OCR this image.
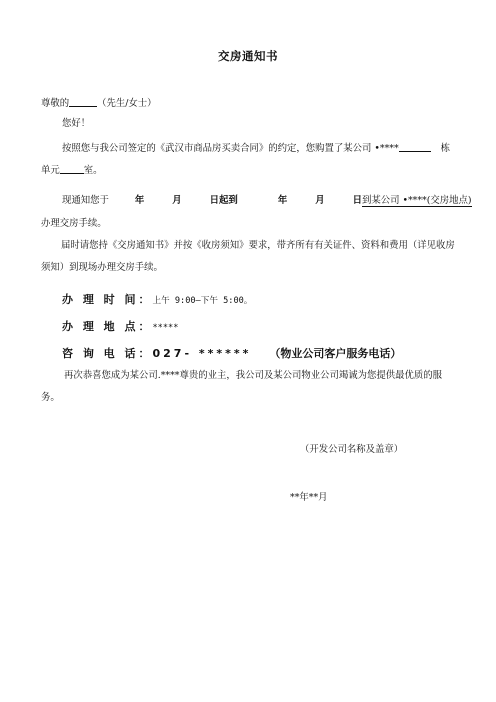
交房通知书
尊敬的	（先生/女士）
您好！
按照您与我公司签定的《武汉市商品房买卖合同》的约定，您购置了某公司 •****	栋
单元	室。
现通知您于	年	月	日起到	年	月	日到某公司 •****(交房地点)
办理交房手续。
届时请您持《交房通知书》并按《收房须知》要求，带齐所有有关证件、资料和费用（详见收房须知）到现场办理交房手续。
办 理 时 间：上午 9:00—下午 5:00。
办 理 地 点：*****
咨 询 电 话：027- ****** （物业公司客户服务电话）
再次恭喜您成为某公司.****尊贵的业主，我公司及某公司物业公司竭诚为您提供最优质的服务。
（开发公司名称及盖章）
**年**月
